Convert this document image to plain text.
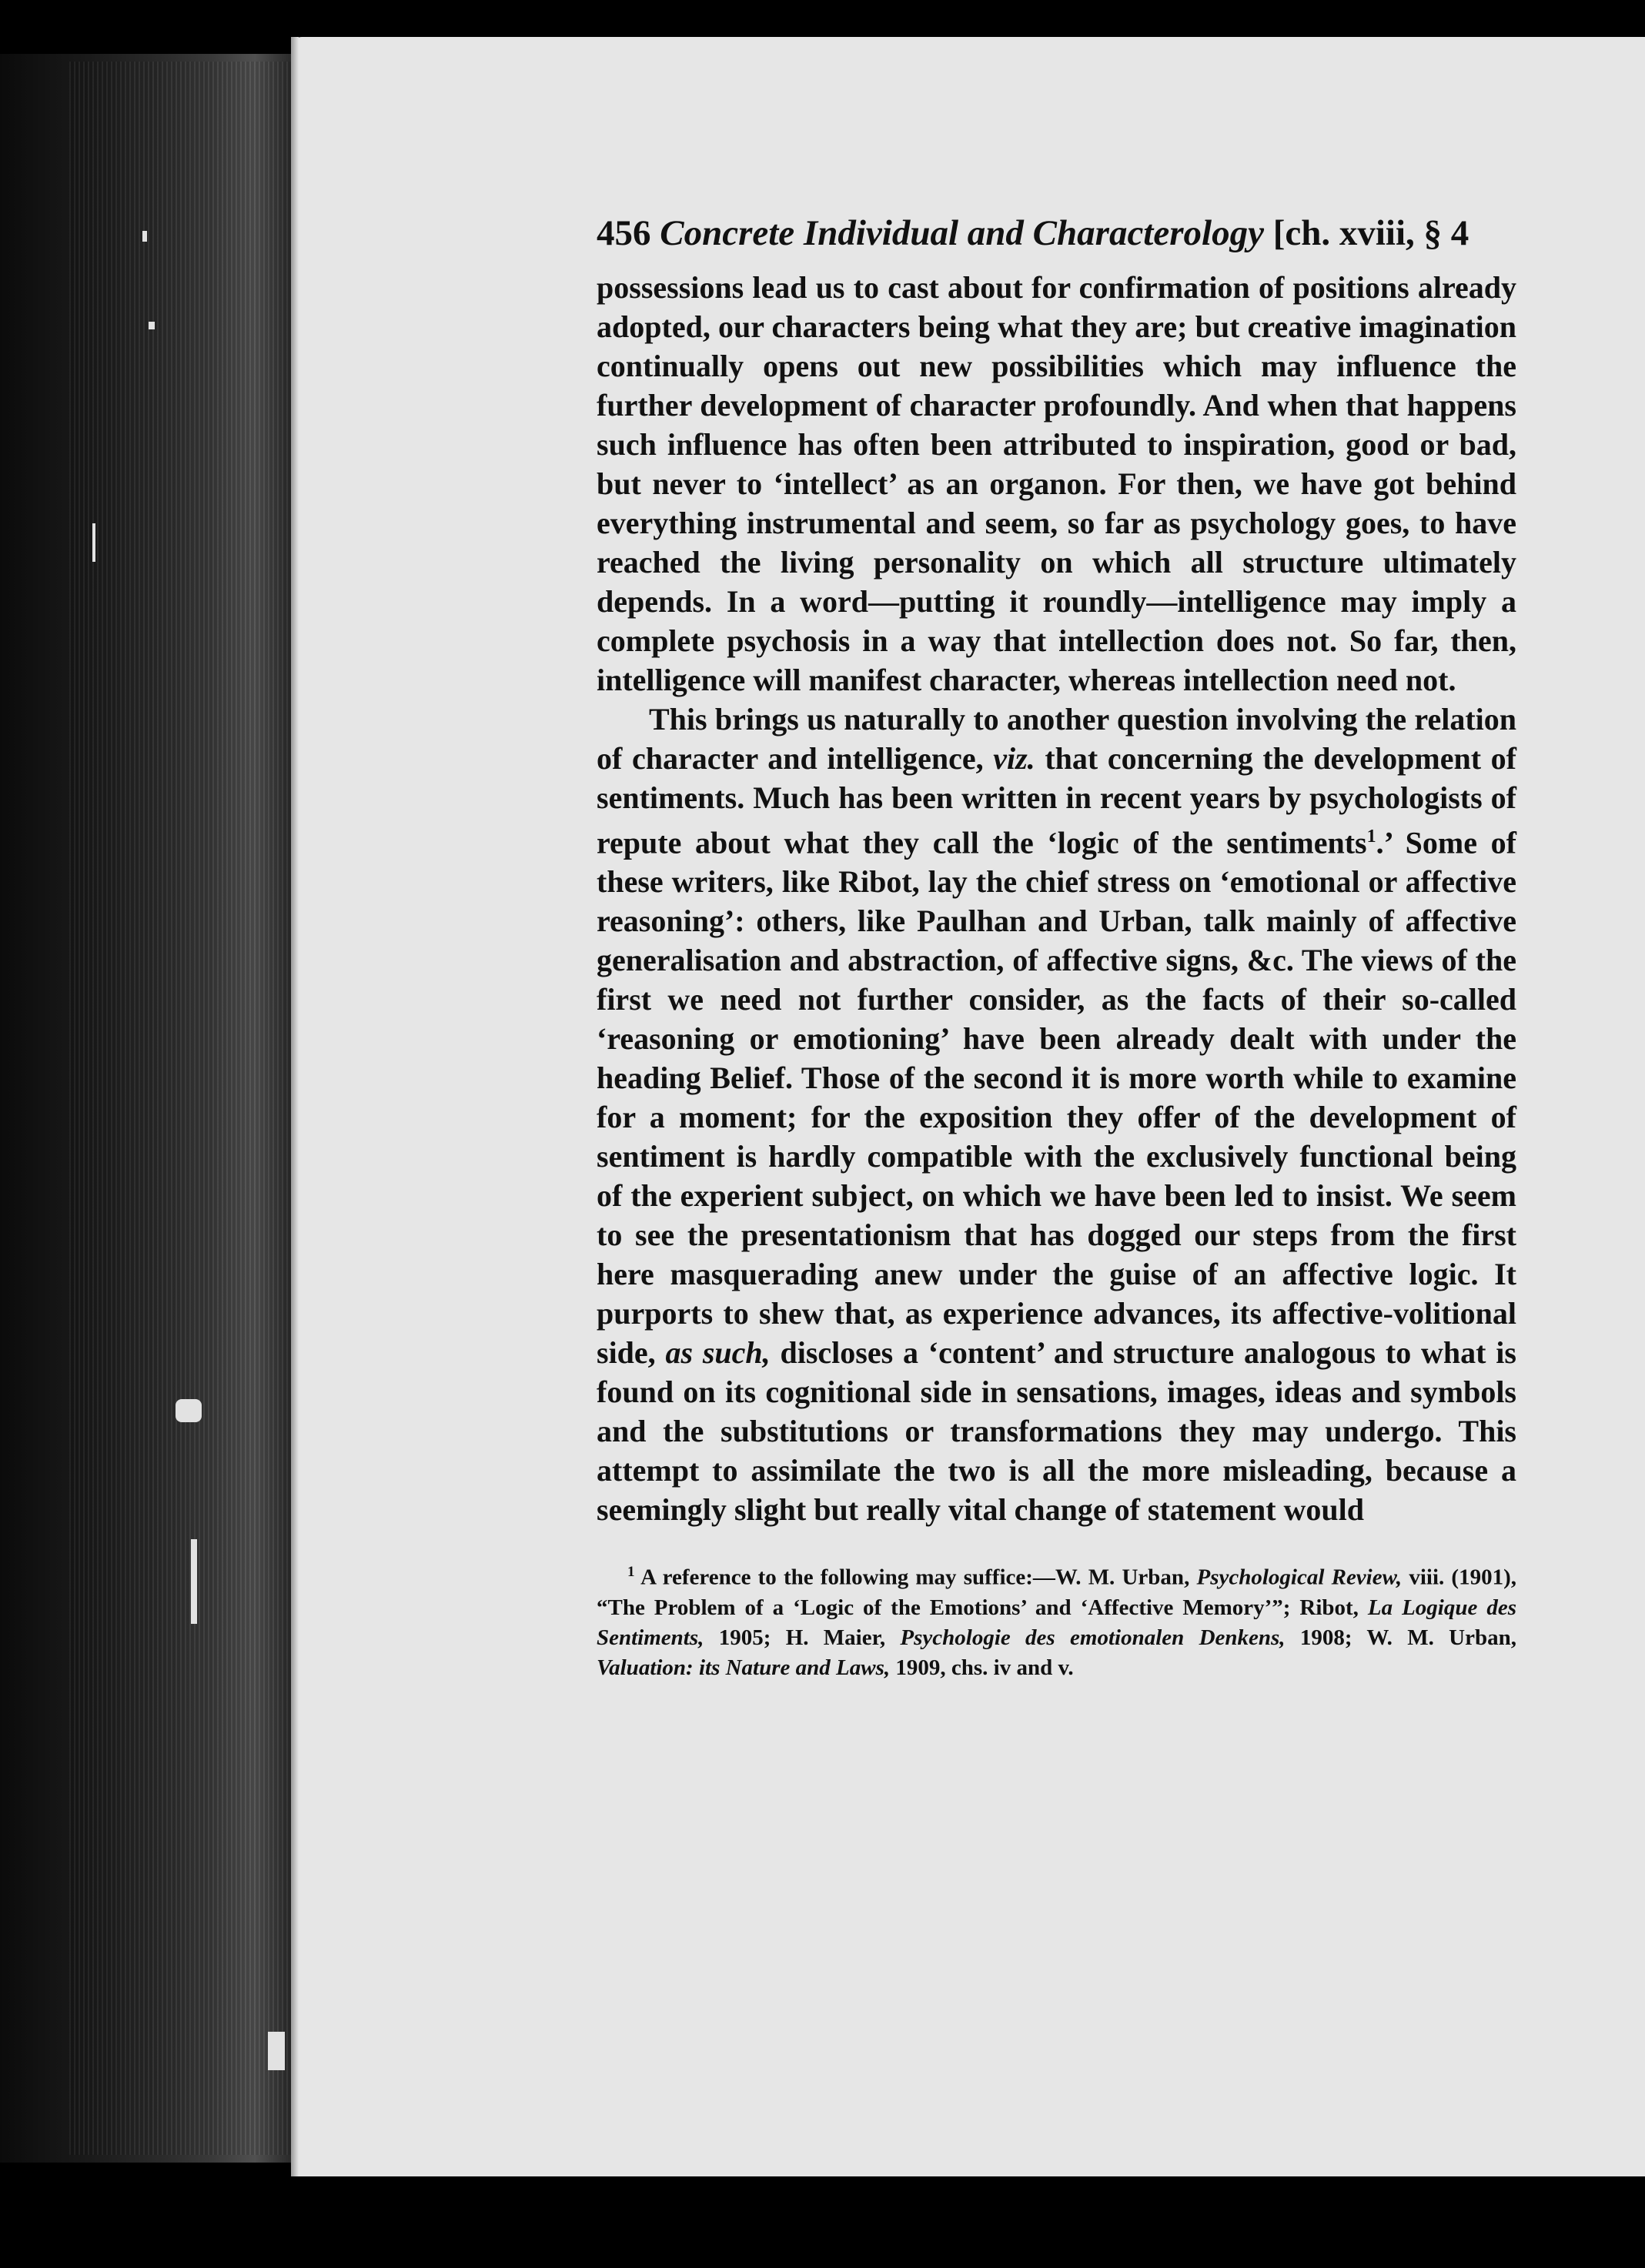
456 Concrete Individual and Characterology [ch. xviii, § 4

possessions lead us to cast about for confirmation of positions already adopted, our characters being what they are; but creative imagination continually opens out new possibilities which may influence the further development of character profoundly. And when that happens such influence has often been attributed to inspiration, good or bad, but never to ‘intellect’ as an organon. For then, we have got behind everything instrumental and seem, so far as psychology goes, to have reached the living personality on which all structure ultimately depends. In a word—putting it roundly—intelligence may imply a complete psychosis in a way that intellection does not. So far, then, intelligence will manifest character, whereas intellection need not.

This brings us naturally to another question involving the relation of character and intelligence, viz. that concerning the development of sentiments. Much has been written in recent years by psychologists of repute about what they call the ‘logic of the sentiments$^1$.’ Some of these writers, like Ribot, lay the chief stress on ‘emotional or affective reasoning’: others, like Paulhan and Urban, talk mainly of affective generalisation and abstraction, of affective signs, &c. The views of the first we need not further consider, as the facts of their so-called ‘reasoning or emotioning’ have been already dealt with under the heading Belief. Those of the second it is more worth while to examine for a moment; for the exposition they offer of the development of sentiment is hardly compatible with the exclusively functional being of the experient subject, on which we have been led to insist. We seem to see the presentationism that has dogged our steps from the first here masquerading anew under the guise of an affective logic. It purports to shew that, as experience advances, its affective-volitional side, as such, discloses a ‘content’ and structure analogous to what is found on its cognitional side in sensations, images, ideas and symbols and the substitutions or transformations they may undergo. This attempt to assimilate the two is all the more misleading, because a seemingly slight but really vital change of statement would

$^1$ A reference to the following may suffice:—W. M. Urban, Psychological Review, viii. (1901), “The Problem of a ‘Logic of the Emotions’ and ‘Affective Memory’”; Ribot, La Logique des Sentiments, 1905; H. Maier, Psychologie des emotionalen Denkens, 1908; W. M. Urban, Valuation: its Nature and Laws, 1909, chs. iv and v.
